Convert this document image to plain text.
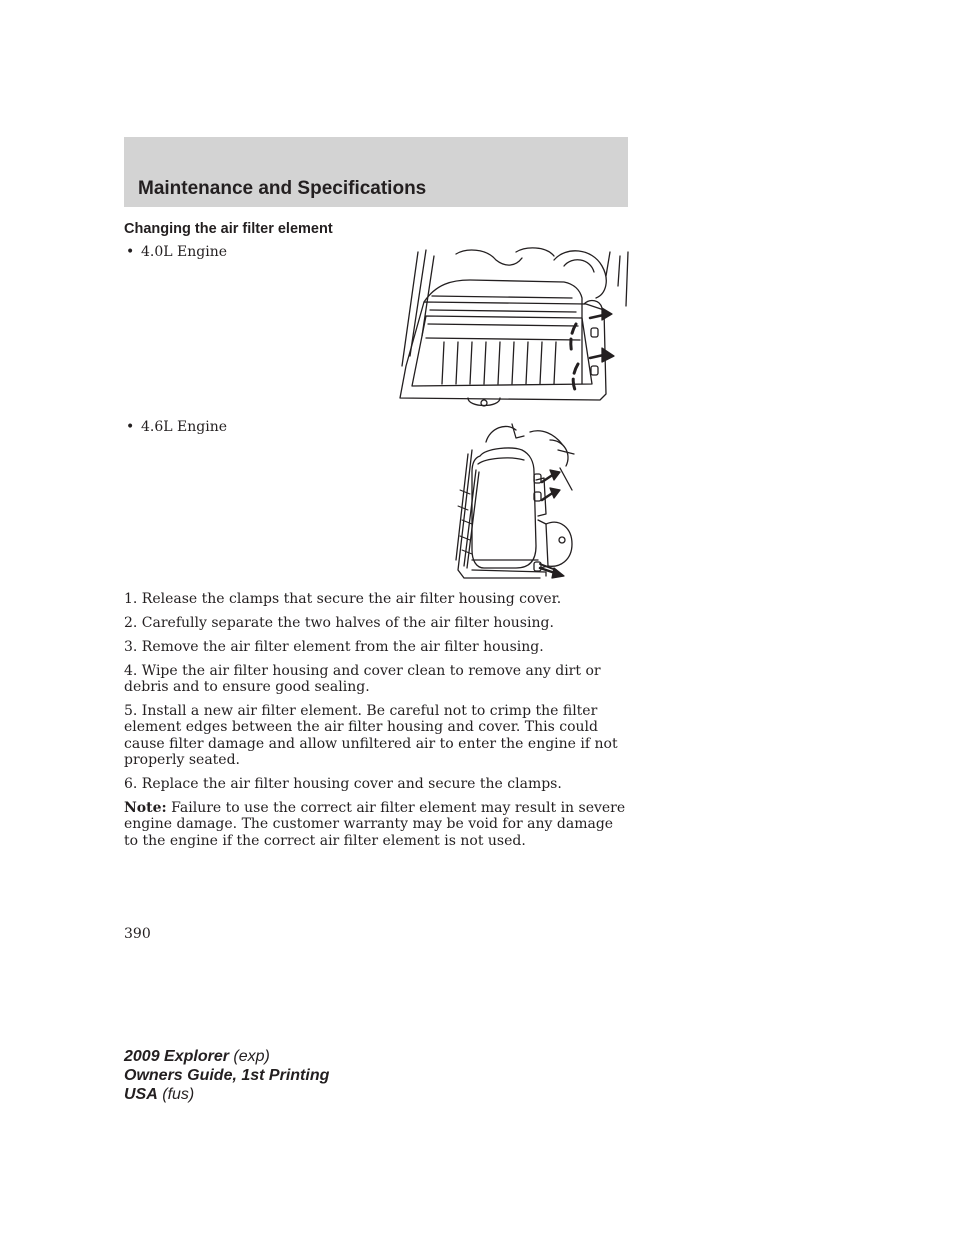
Maintenance and Specifications
Changing the air filter element
• 4.0L Engine
• 4.6L Engine
1. Release the clamps that secure the air filter housing cover.
2. Carefully separate the two halves of the air filter housing.
3. Remove the air filter element from the air filter housing.
4. Wipe the air filter housing and cover clean to remove any dirt or debris and to ensure good sealing.
5. Install a new air filter element. Be careful not to crimp the filter element edges between the air filter housing and cover. This could cause filter damage and allow unfiltered air to enter the engine if not properly seated.
6. Replace the air filter housing cover and secure the clamps.
Note: Failure to use the correct air filter element may result in severe engine damage. The customer warranty may be void for any damage to the engine if the correct air filter element is not used.
390
2009 Explorer (exp)
Owners Guide, 1st Printing
USA (fus)
